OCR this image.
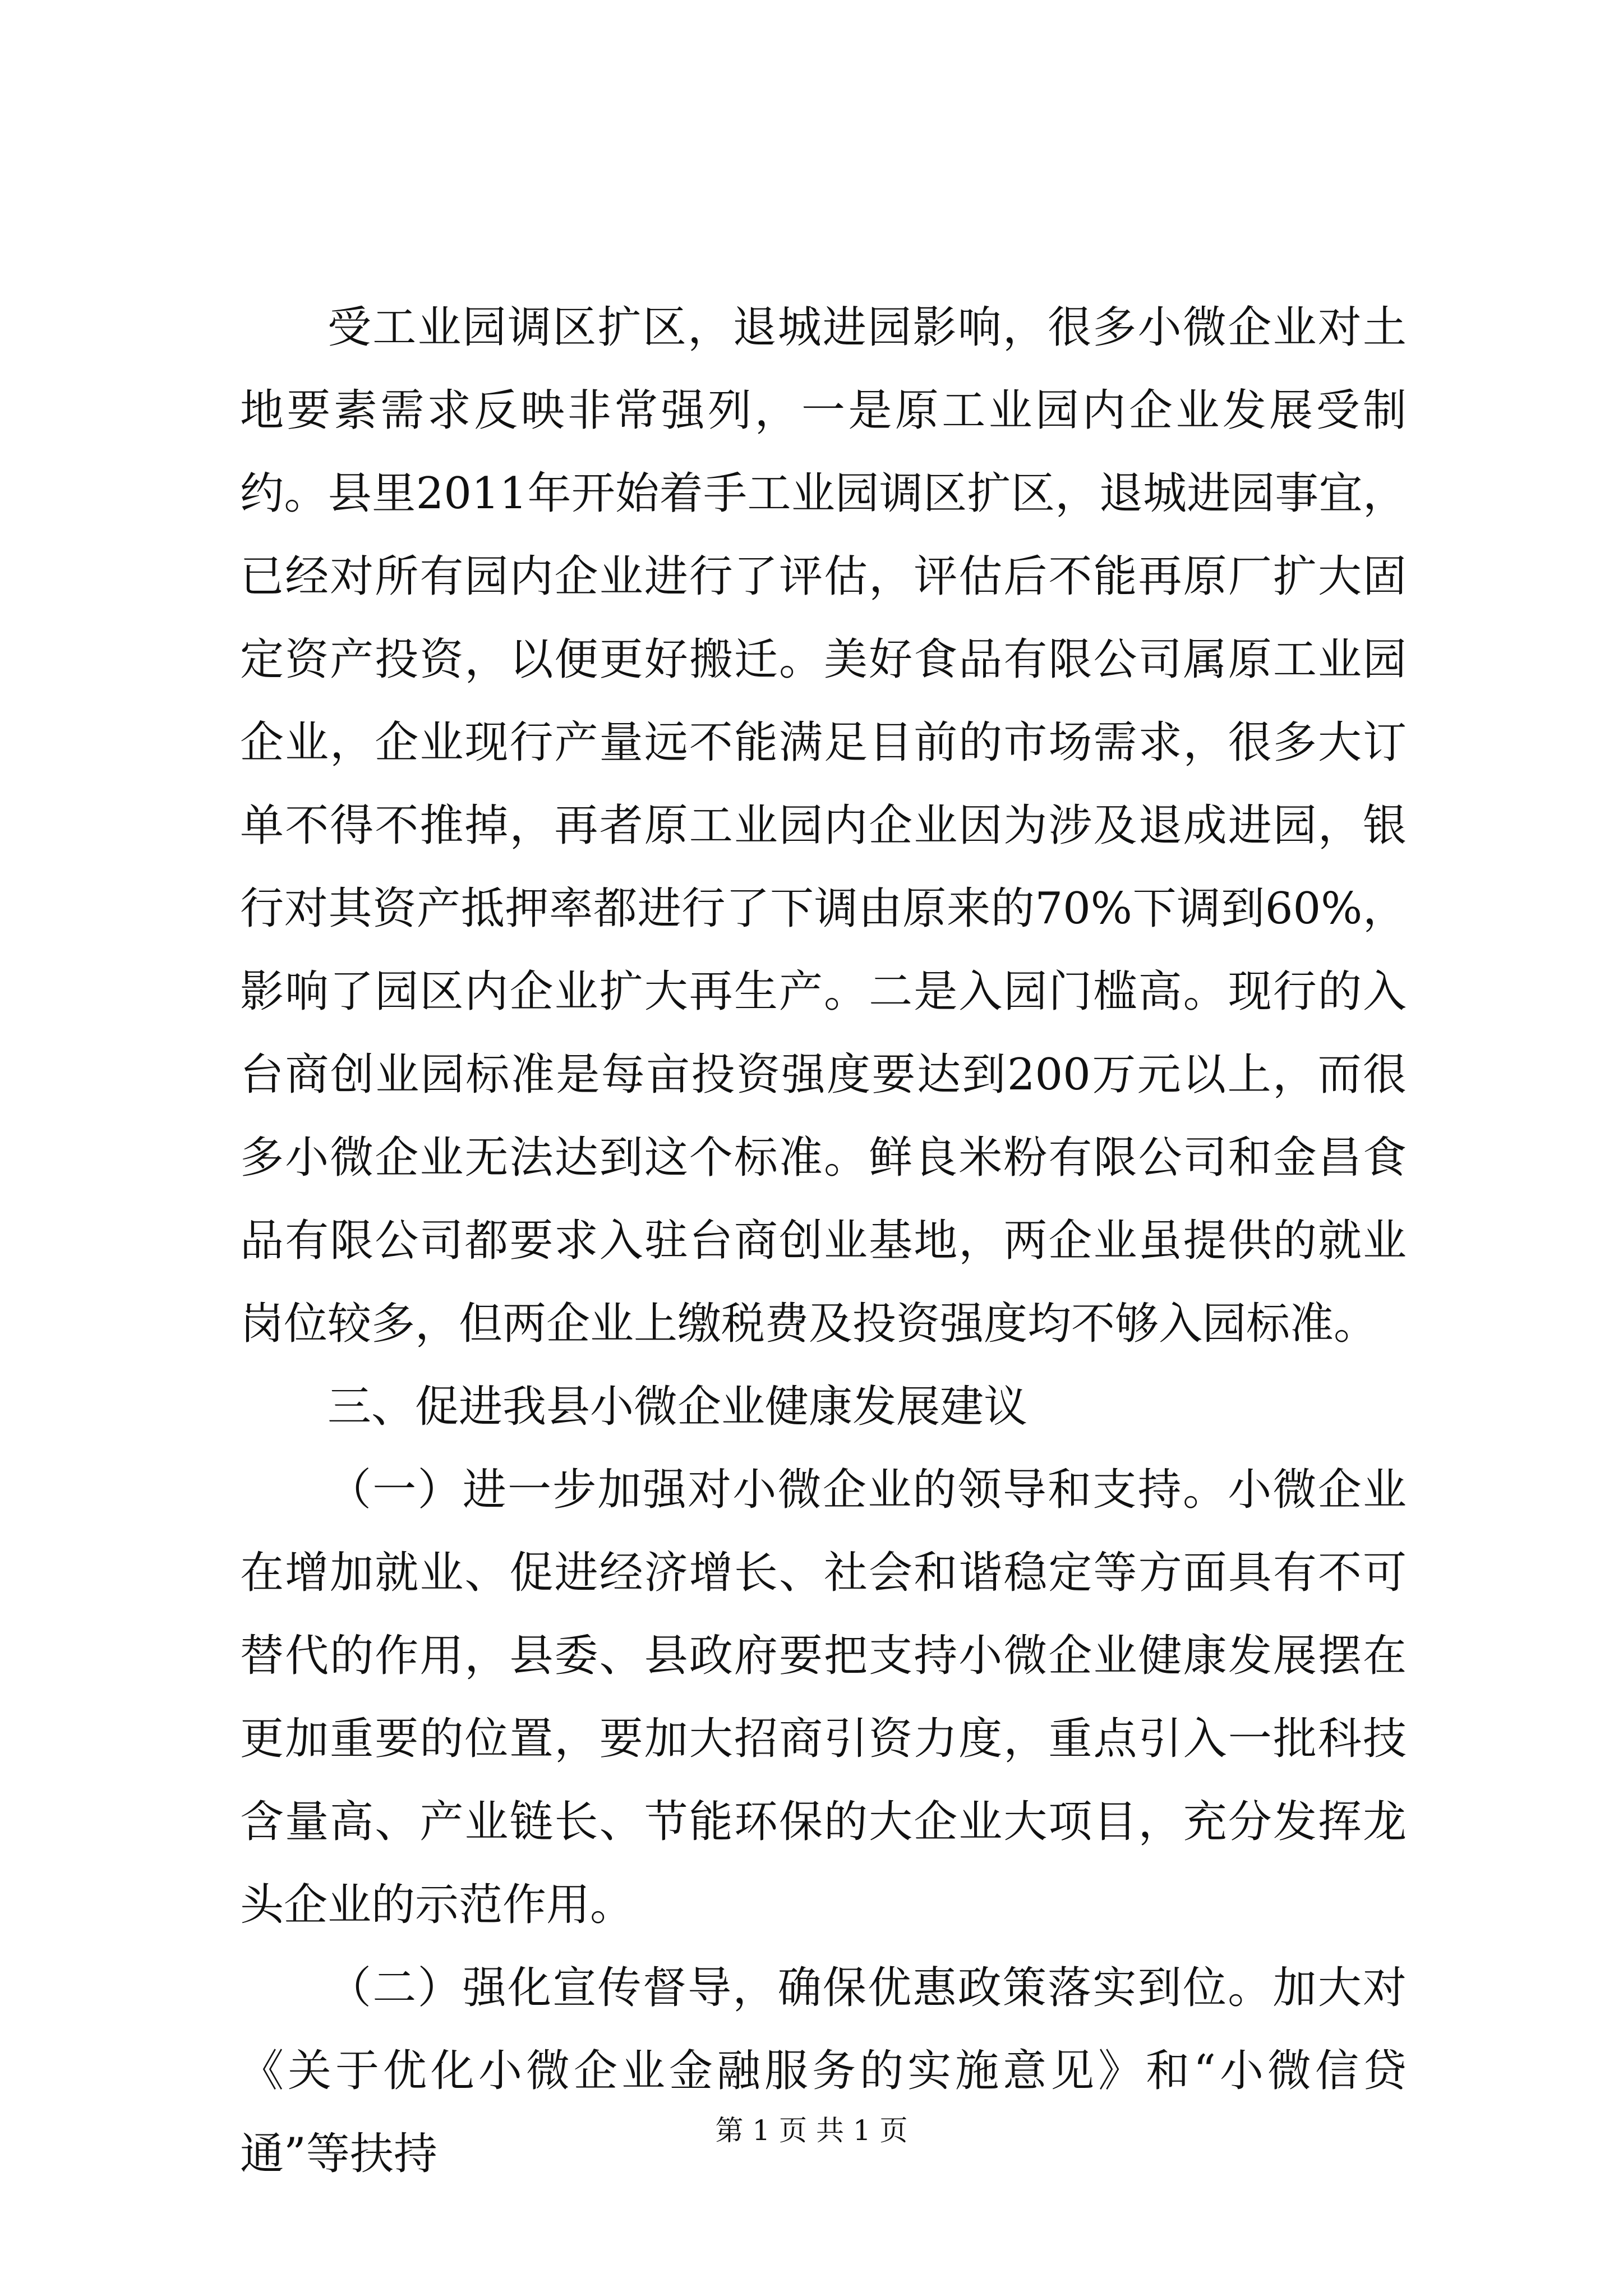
受工业园调区扩区，退城进园影响，很多小微企业对土地要素需求反映非常强列，一是原工业园内企业发展受制约。县里2011年开始着手工业园调区扩区，退城进园事宜，已经对所有园内企业进行了评估，评估后不能再原厂扩大固定资产投资，以便更好搬迁。美好食品有限公司属原工业园企业，企业现行产量远不能满足目前的市场需求，很多大订单不得不推掉，再者原工业园内企业因为涉及退成进园，银行对其资产抵押率都进行了下调由原来的70%下调到60%，影响了园区内企业扩大再生产。二是入园门槛高。现行的入台商创业园标准是每亩投资强度要达到200万元以上，而很多小微企业无法达到这个标准。鲜良米粉有限公司和金昌食品有限公司都要求入驻台商创业基地，两企业虽提供的就业岗位较多，但两企业上缴税费及投资强度均不够入园标准。

三、促进我县小微企业健康发展建议

（一）进一步加强对小微企业的领导和支持。小微企业在增加就业、促进经济增长、社会和谐稳定等方面具有不可替代的作用，县委、县政府要把支持小微企业健康发展摆在更加重要的位置，要加大招商引资力度，重点引入一批科技含量高、产业链长、节能环保的大企业大项目，充分发挥龙头企业的示范作用。

（二）强化宣传督导，确保优惠政策落实到位。加大对《关于优化小微企业金融服务的实施意见》和“小微信贷通”等扶持	第 1 页 共 1 页
